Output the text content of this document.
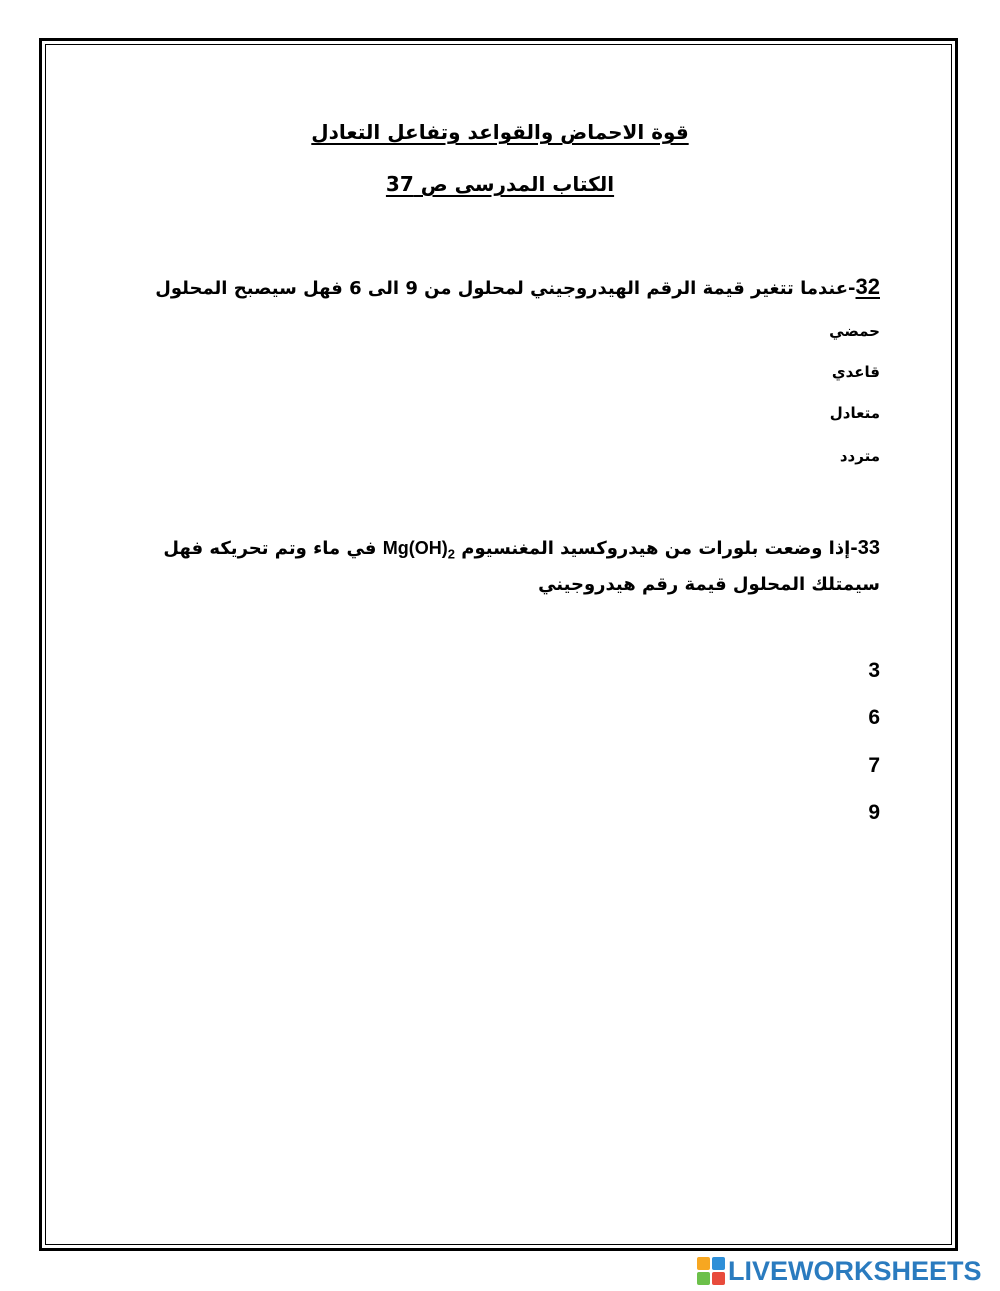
قوة الاحماض والقواعد وتفاعل التعادل
الكتاب المدرسى ص 37
32-عندما تتغير قيمة الرقم الهيدروجيني لمحلول من 9 الى 6 فهل سيصبح المحلول
حمضي
قاعدي
متعادل
متردد
33-إذا وضعت بلورات من هيدروكسيد المغنسيوم $Mg(OH)_2$ في ماء وتم تحريكه فهل سيمتلك المحلول قيمة رقم هيدروجيني
3
6
7
9
LIVEWORKSHEETS
